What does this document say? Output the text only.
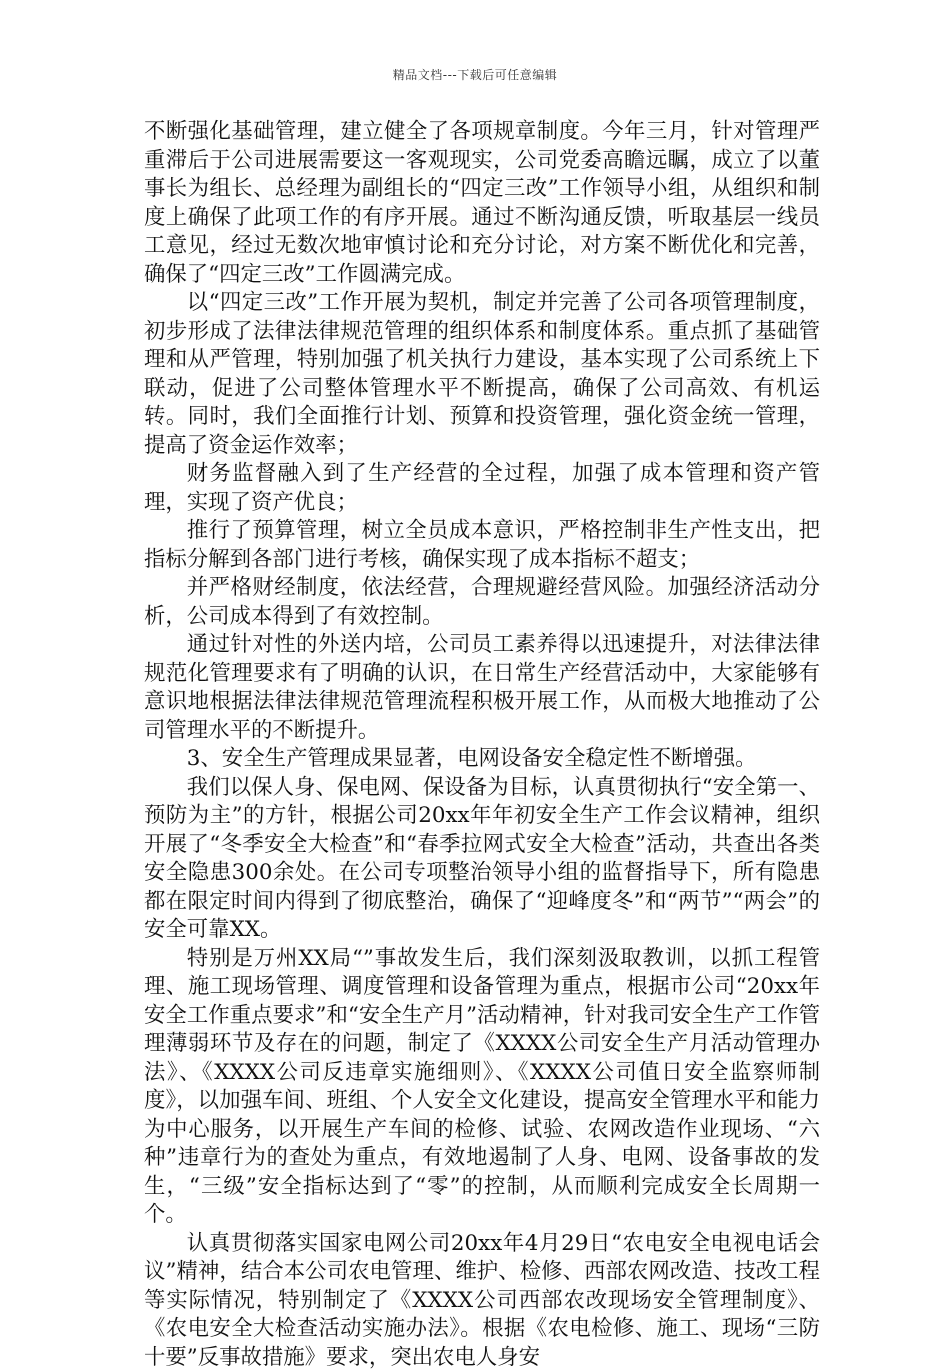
精品文档---下载后可任意编辑

不断强化基础管理，建立健全了各项规章制度。今年三月，针对管理严重滞后于公司进展需要这一客观现实，公司党委高瞻远瞩，成立了以董事长为组长、总经理为副组长的“四定三改”工作领导小组，从组织和制度上确保了此项工作的有序开展。通过不断沟通反馈，听取基层一线员工意见，经过无数次地审慎讨论和充分讨论，对方案不断优化和完善，确保了“四定三改”工作圆满完成。

以“四定三改”工作开展为契机，制定并完善了公司各项管理制度，初步形成了法律法律规范管理的组织体系和制度体系。重点抓了基础管理和从严管理，特别加强了机关执行力建设，基本实现了公司系统上下联动，促进了公司整体管理水平不断提高，确保了公司高效、有机运转。同时，我们全面推行计划、预算和投资管理，强化资金统一管理，提高了资金运作效率；

财务监督融入到了生产经营的全过程，加强了成本管理和资产管理，实现了资产优良；

推行了预算管理，树立全员成本意识，严格控制非生产性支出，把指标分解到各部门进行考核，确保实现了成本指标不超支；

并严格财经制度，依法经营，合理规避经营风险。加强经济活动分析，公司成本得到了有效控制。

通过针对性的外送内培，公司员工素养得以迅速提升，对法律法律规范化管理要求有了明确的认识，在日常生产经营活动中，大家能够有意识地根据法律法律规范管理流程积极开展工作，从而极大地推动了公司管理水平的不断提升。

3、安全生产管理成果显著，电网设备安全稳定性不断增强。

我们以保人身、保电网、保设备为目标，认真贯彻执行“安全第一、预防为主”的方针，根据公司20xx年年初安全生产工作会议精神，组织开展了“冬季安全大检查”和“春季拉网式安全大检查”活动，共查出各类安全隐患300余处。在公司专项整治领导小组的监督指导下，所有隐患都在限定时间内得到了彻底整治，确保了“迎峰度冬”和“两节”“两会”的安全可靠XX。

特别是万州XX局“”事故发生后，我们深刻汲取教训，以抓工程管理、施工现场管理、调度管理和设备管理为重点，根据市公司“20xx年安全工作重点要求”和“安全生产月”活动精神，针对我司安全生产工作管理薄弱环节及存在的问题，制定了《XXXX公司安全生产月活动管理办法》、《XXXX公司反违章实施细则》、《XXXX公司值日安全监察师制度》，以加强车间、班组、个人安全文化建设，提高安全管理水平和能力为中心服务，以开展生产车间的检修、试验、农网改造作业现场、“六种”违章行为的查处为重点，有效地遏制了人身、电网、设备事故的发生，“三级”安全指标达到了“零”的控制，从而顺利完成安全长周期一个。

认真贯彻落实国家电网公司20xx年4月29日“农电安全电视电话会议”精神，结合本公司农电管理、维护、检修、西部农网改造、技改工程等实际情况，特别制定了《XXXX公司西部农改现场安全管理制度》、《农电安全大检查活动实施办法》。根据《农电检修、施工、现场“三防十要”反事故措施》要求，突出农电人身安
